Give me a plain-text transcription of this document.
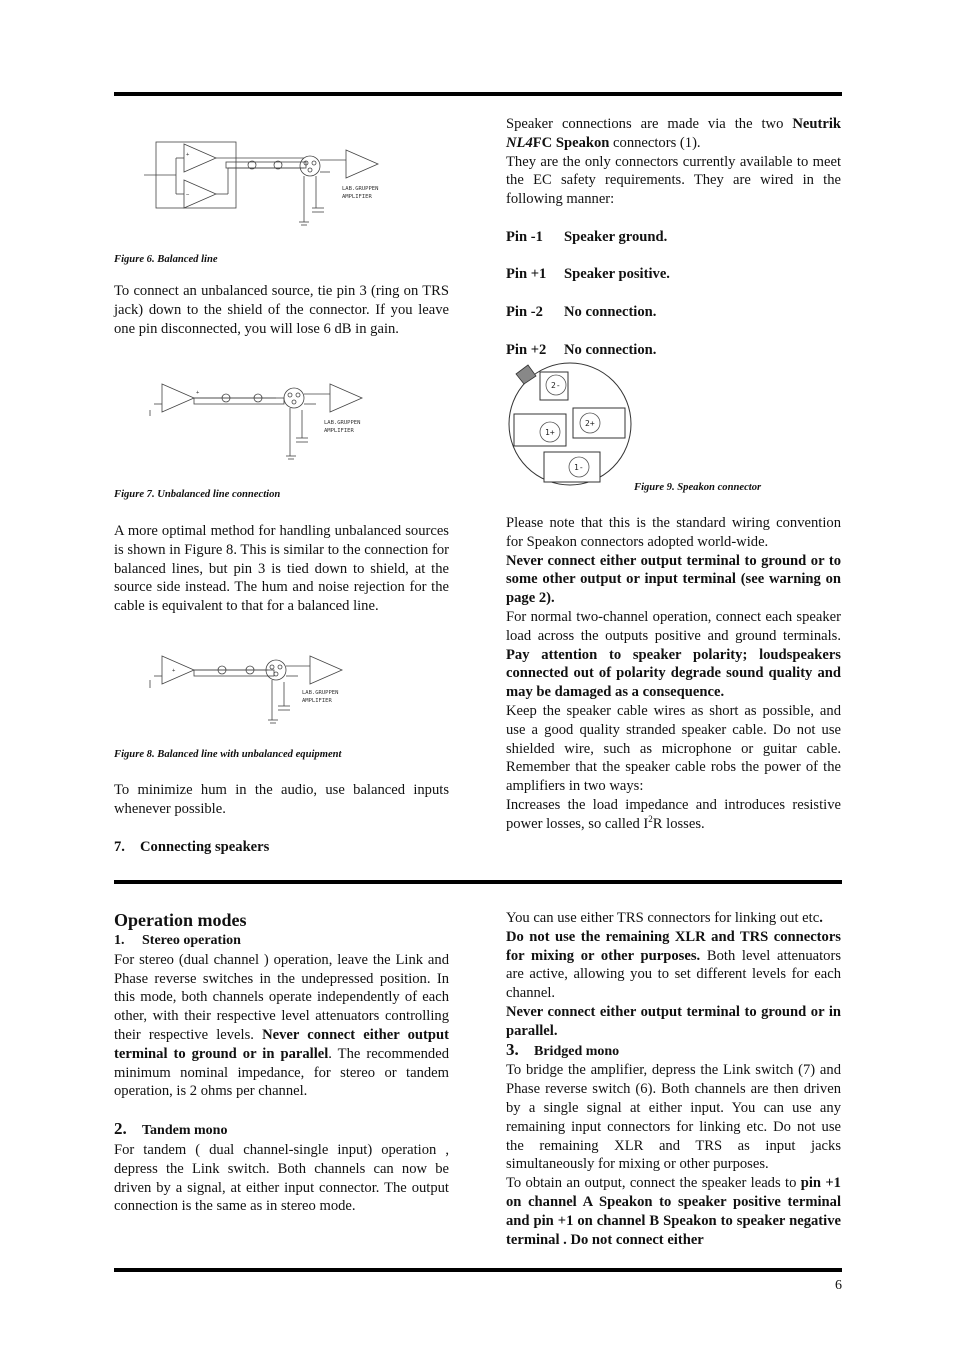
+
−
LAB.GRUPPEN
AMPLIFIER
Figure 6. Balanced line

To connect an unbalanced source, tie pin 3 (ring on TRS jack) down to the shield of the connector. If you leave one pin disconnected, you will lose 6 dB in gain.

+
LAB.GRUPPEN
AMPLIFIER
Figure 7. Unbalanced line connection

A more optimal method for handling unbalanced sources is shown in Figure 8. This is similar to the connection for balanced lines, but pin 3 is tied down to shield, at the source side instead. The hum and noise rejection for the cable is equivalent to that for a balanced line.

+
LAB.GRUPPEN
AMPLIFIER
Figure 8. Balanced line with unbalanced equipment

To minimize hum in the audio, use balanced inputs whenever possible.

7. Connecting speakers

Speaker connections are made via the two Neutrik NL4FC Speakon connectors (1).

They are the only connectors currently available to meet the EC safety requirements. They are wired in the following manner:

Pin -1 Speaker ground.
Pin +1 Speaker positive.
Pin -2 No connection.
Pin +2 No connection.
2-
2+
1+
1-
Figure 9. Speakon connector

Please note that this is the standard wiring convention for Speakon connectors adopted world-wide.

Never connect either output terminal to ground or to some other output or input terminal (see warning on page 2).

For normal two-channel operation, connect each speaker load across the outputs positive and ground terminals. Pay attention to speaker polarity; loudspeakers connected out of polarity degrade sound quality and may be damaged as a consequence.

Keep the speaker cable wires as short as possible, and use a good quality stranded speaker cable. Do not use shielded wire, such as microphone or guitar cable. Remember that the speaker cable robs the power of the amplifiers in two ways:

Increases the load impedance and introduces resistive power losses, so called $I^2R$ losses.

Operation modes
1. Stereo operation

For stereo (dual channel ) operation, leave the Link and Phase reverse switches in the undepressed position. In this mode, both channels operate independently of each other, with their respective level attenuators controlling their respective levels. Never connect either output terminal to ground or in parallel. The recommended minimum nominal impedance, for stereo or tandem operation, is 2 ohms per channel.

2. Tandem mono

For tandem ( dual channel-single input) operation , depress the Link switch. Both channels can now be driven by a signal, at either input connector. The output connection is the same as in stereo mode.

You can use either TRS connectors for linking out etc.

Do not use the remaining XLR and TRS connectors for mixing or other purposes. Both level attenuators are active, allowing you to set different levels for each channel.

Never connect either output terminal to ground or in parallel.

3. Bridged mono

To bridge the amplifier, depress the Link switch (7) and Phase reverse switch (6). Both channels are then driven by a single signal at either input. You can use any remaining input connectors for linking etc. Do not use the remaining XLR and TRS as input jacks simultaneously for mixing or other purposes.

To obtain an output, connect the speaker leads to pin +1 on channel A Speakon to speaker positive terminal and pin +1 on channel B Speakon to speaker negative terminal . Do not connect either

6
